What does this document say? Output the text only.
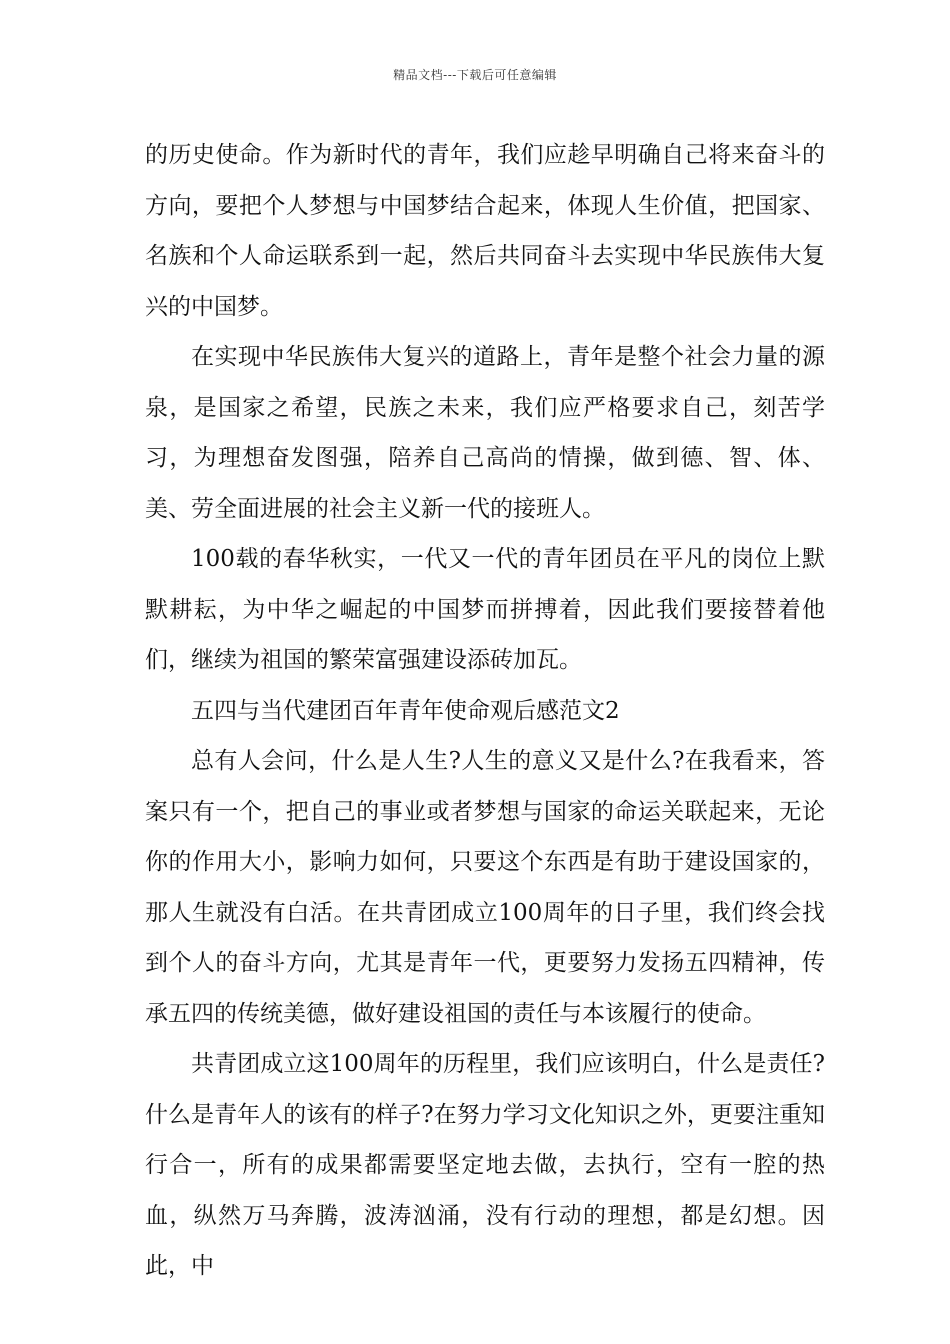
精品文档---下载后可任意编辑

的历史使命。作为新时代的青年，我们应趁早明确自己将来奋斗的方向，要把个人梦想与中国梦结合起来，体现人生价值，把国家、名族和个人命运联系到一起，然后共同奋斗去实现中华民族伟大复兴的中国梦。

在实现中华民族伟大复兴的道路上，青年是整个社会力量的源泉，是国家之希望，民族之未来，我们应严格要求自己，刻苦学习，为理想奋发图强，陪养自己高尚的情操，做到德、智、体、美、劳全面进展的社会主义新一代的接班人。

100载的春华秋实，一代又一代的青年团员在平凡的岗位上默默耕耘，为中华之崛起的中国梦而拼搏着，因此我们要接替着他们，继续为祖国的繁荣富强建设添砖加瓦。

五四与当代建团百年青年使命观后感范文2

总有人会问，什么是人生?人生的意义又是什么?在我看来，答案只有一个，把自己的事业或者梦想与国家的命运关联起来，无论你的作用大小，影响力如何，只要这个东西是有助于建设国家的，那人生就没有白活。在共青团成立100周年的日子里，我们终会找到个人的奋斗方向，尤其是青年一代，更要努力发扬五四精神，传承五四的传统美德，做好建设祖国的责任与本该履行的使命。

共青团成立这100周年的历程里，我们应该明白，什么是责任?什么是青年人的该有的样子?在努力学习文化知识之外，更要注重知行合一，所有的成果都需要坚定地去做，去执行，空有一腔的热血，纵然万马奔腾，波涛汹涌，没有行动的理想，都是幻想。因此，中
